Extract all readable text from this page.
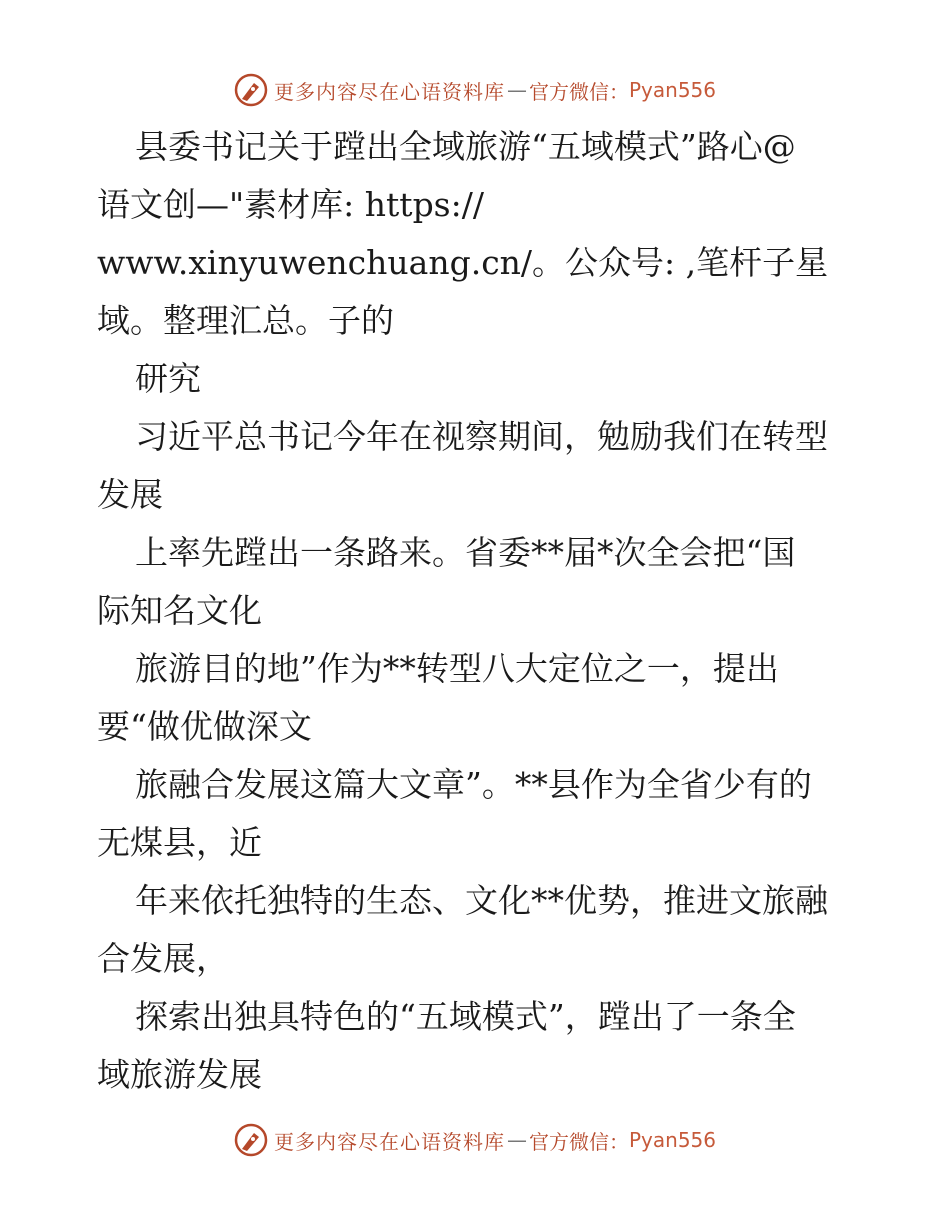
更多内容尽在心语资料库 — 官方微信： Pyan556
县委书记关于蹚出全域旅游“五域模式”路心@
语文创—"素材库: https://
www.xinyuwenchuang.cn/。公众号: ,笔杆子星
域。整理汇总。子的
研究
习近平总书记今年在视察期间，勉励我们在转型
发展
上率先蹚出一条路来。省委**届*次全会把“国
际知名文化
旅游目的地”作为**转型八大定位之一，提出
要“做优做深文
旅融合发展这篇大文章”。**县作为全省少有的
无煤县，近
年来依托独特的生态、文化**优势，推进文旅融
合发展，
探索出独具特色的“五域模式”，蹚出了一条全
域旅游发展
更多内容尽在心语资料库 — 官方微信： Pyan556
